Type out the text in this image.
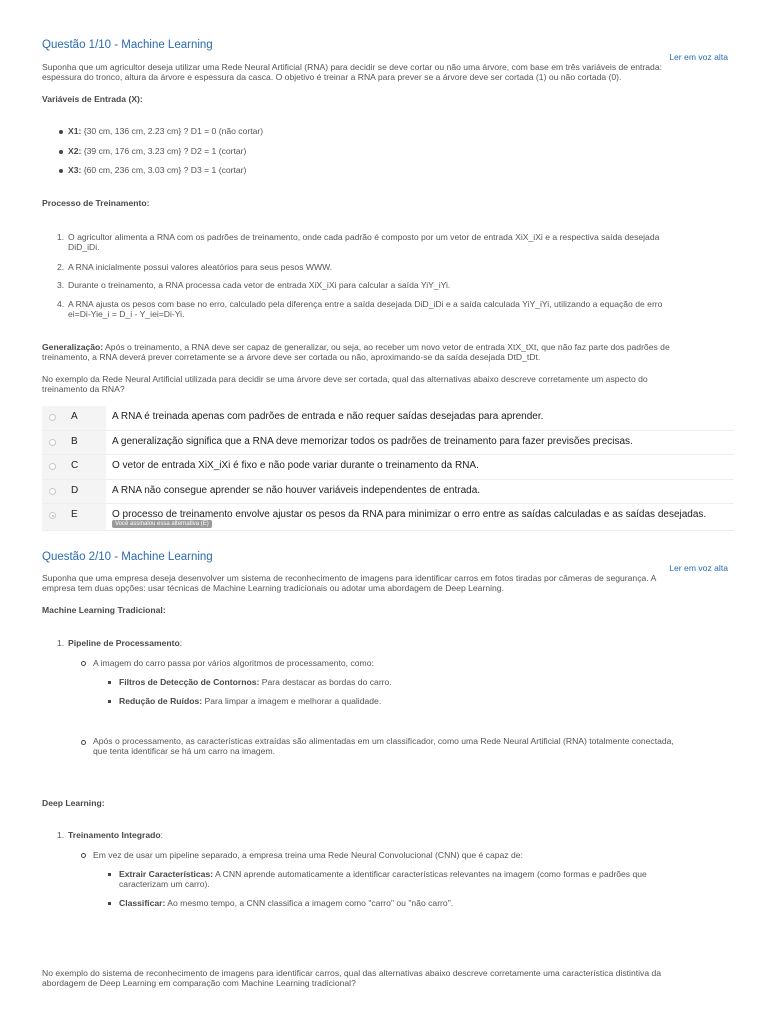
Questão 1/10 - Machine Learning
Ler em voz alta
Suponha que um agricultor deseja utilizar uma Rede Neural Artificial (RNA) para decidir se deve cortar ou não uma árvore, com base em três variáveis de entrada:
espessura do tronco, altura da árvore e espessura da casca. O objetivo é treinar a RNA para prever se a árvore deve ser cortada (1) ou não cortada (0).
Variáveis de Entrada (X):
X1: {30 cm, 136 cm, 2.23 cm} ? D1 = 0 (não cortar)
X2: {39 cm, 176 cm, 3.23 cm} ? D2 = 1 (cortar)
X3: {60 cm, 236 cm, 3.03 cm} ? D3 = 1 (cortar)
Processo de Treinamento:
1. O agricultor alimenta a RNA com os padrões de treinamento, onde cada padrão é composto por um vetor de entrada XiX_iXi e a respectiva saída desejada
DiD_iDi.
2. A RNA inicialmente possui valores aleatórios para seus pesos WWW.
3. Durante o treinamento, a RNA processa cada vetor de entrada XiX_iXi para calcular a saída YiY_iYi.
4. A RNA ajusta os pesos com base no erro, calculado pela diferença entre a saída desejada DiD_iDi e a saída calculada YiY_iYi, utilizando a equação de erro
ei=Di-Yie_i = D_i - Y_iei=Di-Yi.
Generalização: Após o treinamento, a RNA deve ser capaz de generalizar, ou seja, ao receber um novo vetor de entrada XtX_tXt, que não faz parte dos padrões de
treinamento, a RNA deverá prever corretamente se a árvore deve ser cortada ou não, aproximando-se da saída desejada DtD_tDt.
No exemplo da Rede Neural Artificial utilizada para decidir se uma árvore deve ser cortada, qual das alternativas abaixo descreve corretamente um aspecto do
treinamento da RNA?
A	A RNA é treinada apenas com padrões de entrada e não requer saídas desejadas para aprender.
B	A generalização significa que a RNA deve memorizar todos os padrões de treinamento para fazer previsões precisas.
C	O vetor de entrada XiX_iXi é fixo e não pode variar durante o treinamento da RNA.
D	A RNA não consegue aprender se não houver variáveis independentes de entrada.
E	O processo de treinamento envolve ajustar os pesos da RNA para minimizar o erro entre as saídas calculadas e as saídas desejadas.
Você assinalou essa alternativa (E)
Questão 2/10 - Machine Learning
Ler em voz alta
Suponha que uma empresa deseja desenvolver um sistema de reconhecimento de imagens para identificar carros em fotos tiradas por câmeras de segurança. A
empresa tem duas opções: usar técnicas de Machine Learning tradicionais ou adotar uma abordagem de Deep Learning.
Machine Learning Tradicional:
1. Pipeline de Processamento:
A imagem do carro passa por vários algoritmos de processamento, como:
Filtros de Detecção de Contornos: Para destacar as bordas do carro.
Redução de Ruídos: Para limpar a imagem e melhorar a qualidade.
Após o processamento, as características extraídas são alimentadas em um classificador, como uma Rede Neural Artificial (RNA) totalmente conectada,
que tenta identificar se há um carro na imagem.
Deep Learning:
1. Treinamento Integrado:
Em vez de usar um pipeline separado, a empresa treina uma Rede Neural Convolucional (CNN) que é capaz de:
Extrair Características: A CNN aprende automaticamente a identificar características relevantes na imagem (como formas e padrões que
caracterizam um carro).
Classificar: Ao mesmo tempo, a CNN classifica a imagem como "carro" ou "não carro".
No exemplo do sistema de reconhecimento de imagens para identificar carros, qual das alternativas abaixo descreve corretamente uma característica distintiva da
abordagem de Deep Learning em comparação com Machine Learning tradicional?
